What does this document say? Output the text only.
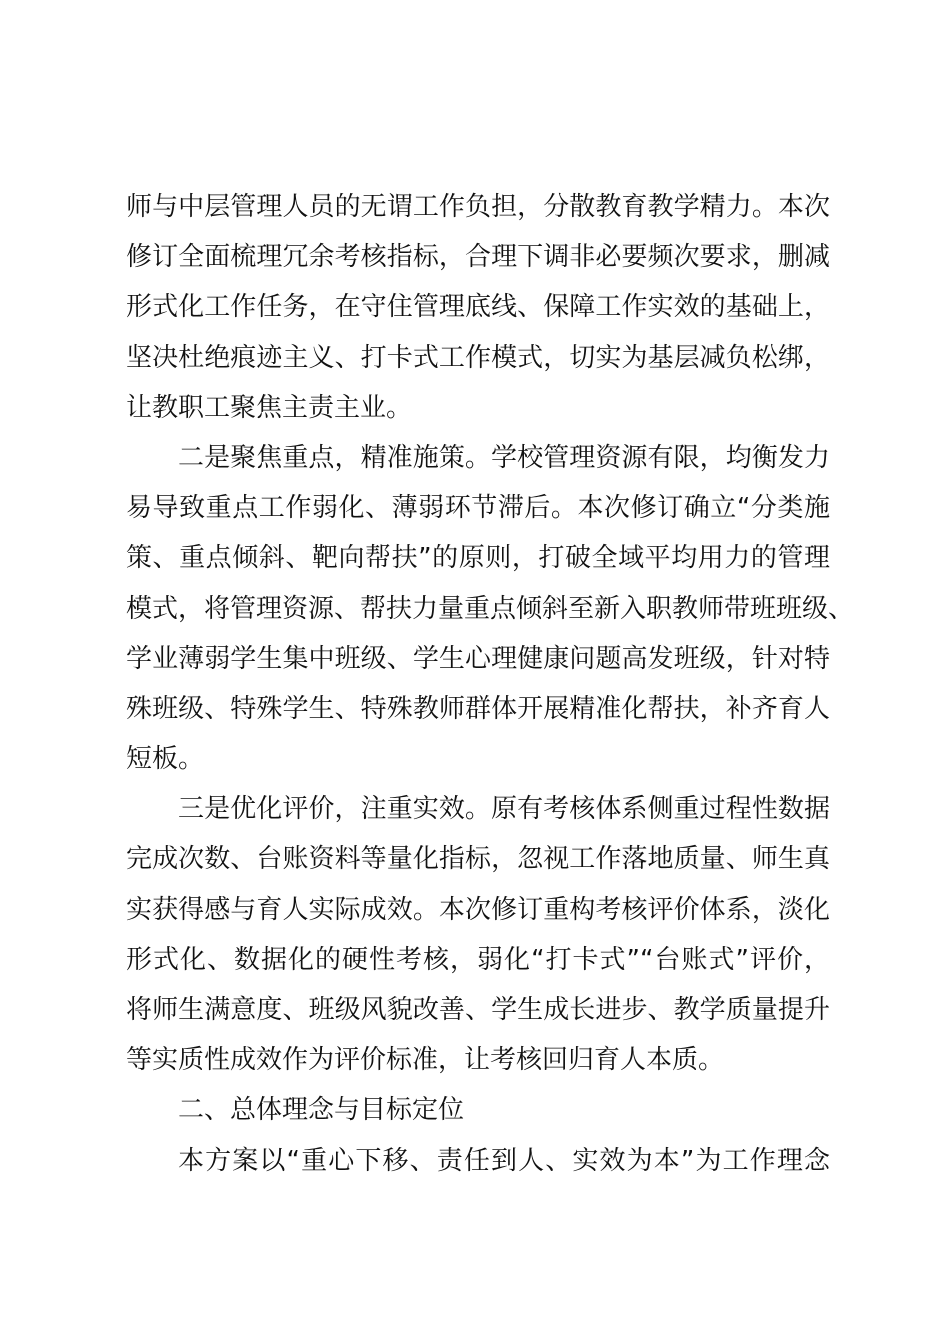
师与中层管理人员的无谓工作负担，分散教育教学精力。本次
修订全面梳理冗余考核指标，合理下调非必要频次要求，删减
形式化工作任务，在守住管理底线、保障工作实效的基础上，
坚决杜绝痕迹主义、打卡式工作模式，切实为基层减负松绑，
让教职工聚焦主责主业。
二是聚焦重点，精准施策。学校管理资源有限，均衡发力
易导致重点工作弱化、薄弱环节滞后。本次修订确立“分类施
策、重点倾斜、靶向帮扶”的原则，打破全域平均用力的管理
模式，将管理资源、帮扶力量重点倾斜至新入职教师带班班级、
学业薄弱学生集中班级、学生心理健康问题高发班级，针对特
殊班级、特殊学生、特殊教师群体开展精准化帮扶，补齐育人
短板。
三是优化评价，注重实效。原有考核体系侧重过程性数据
完成次数、台账资料等量化指标，忽视工作落地质量、师生真
实获得感与育人实际成效。本次修订重构考核评价体系，淡化
形式化、数据化的硬性考核，弱化“打卡式”“台账式”评价，
将师生满意度、班级风貌改善、学生成长进步、教学质量提升
等实质性成效作为评价标准，让考核回归育人本质。
二、总体理念与目标定位
本方案以“重心下移、责任到人、实效为本”为工作理念
